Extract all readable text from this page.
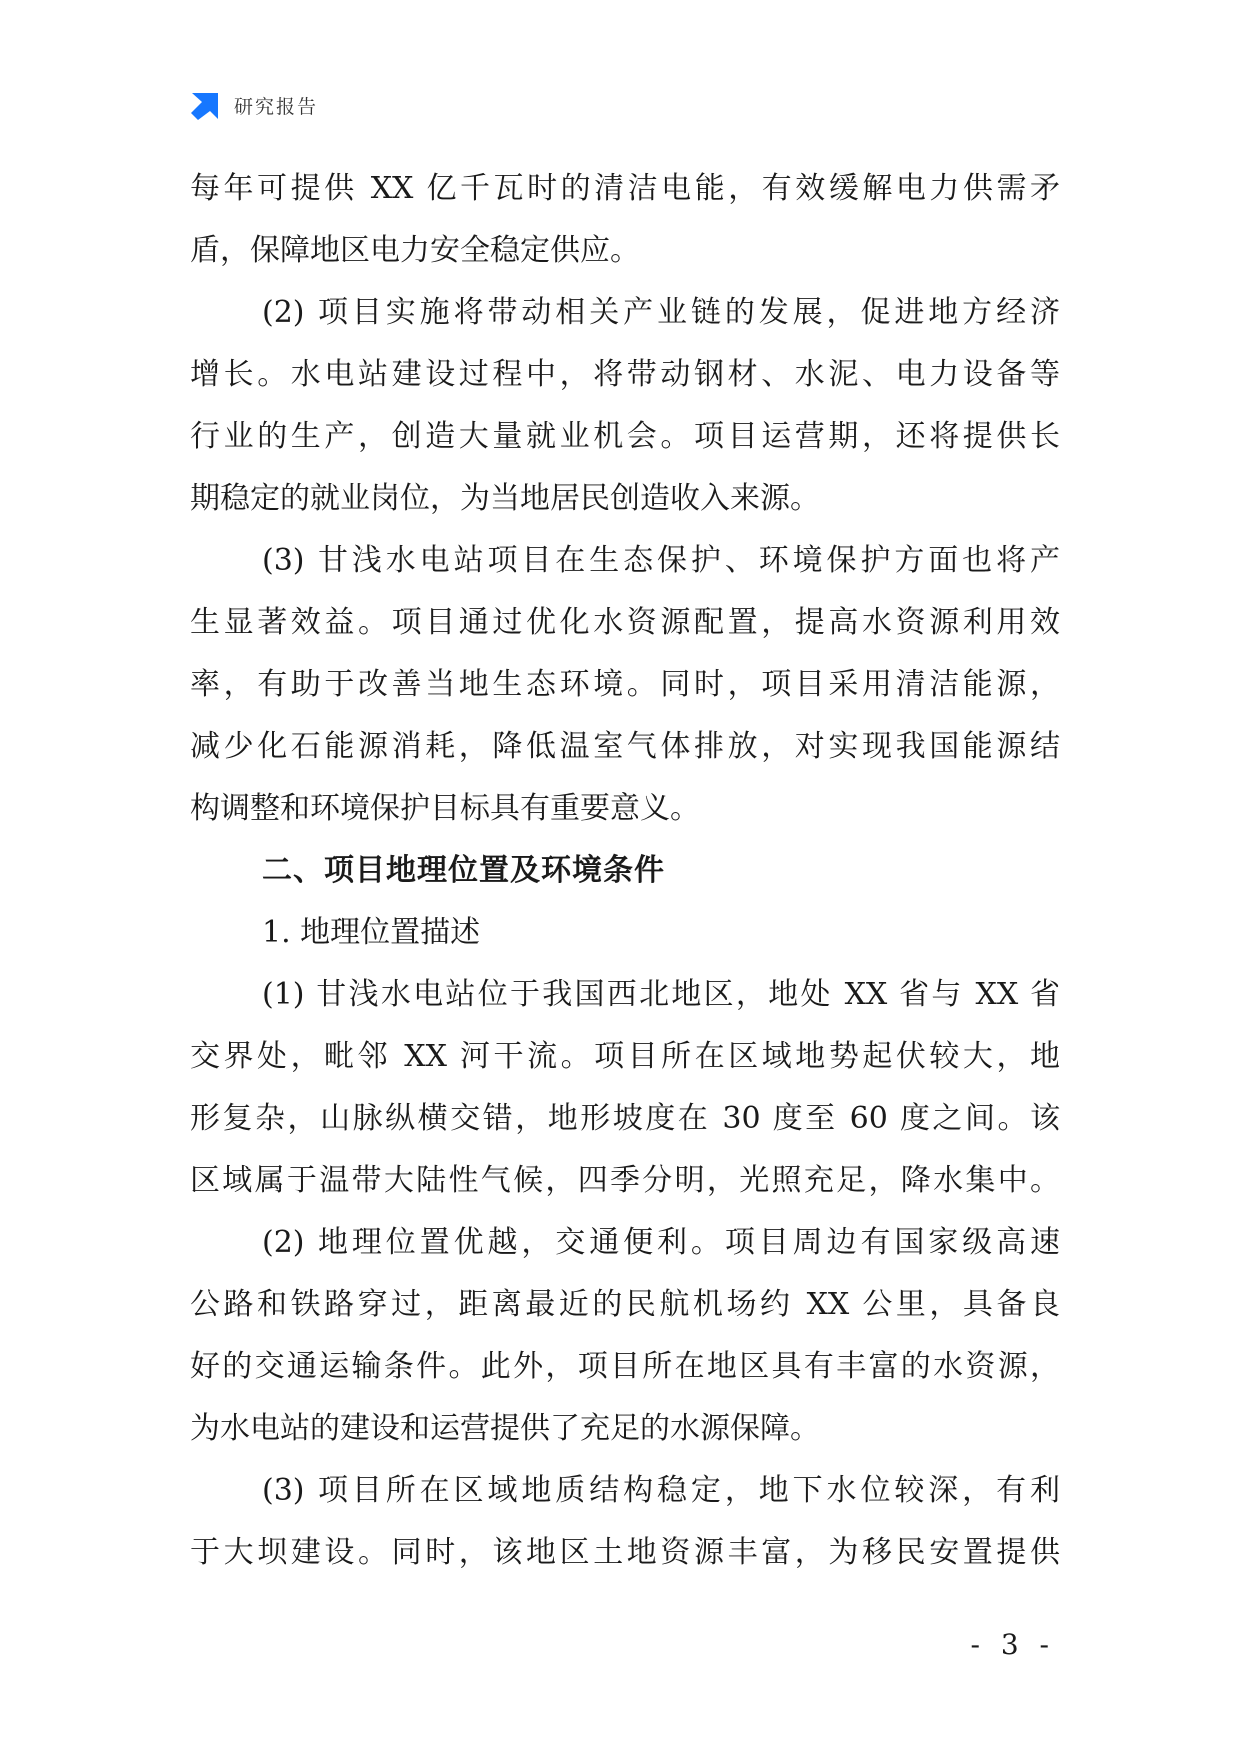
研究报告
每年可提供 XX 亿千瓦时的清洁电能，有效缓解电力供需矛
盾，保障地区电力安全稳定供应。
(2) 项目实施将带动相关产业链的发展，促进地方经济
增长。水电站建设过程中，将带动钢材、水泥、电力设备等
行业的生产，创造大量就业机会。项目运营期，还将提供长
期稳定的就业岗位，为当地居民创造收入来源。
(3) 甘浅水电站项目在生态保护、环境保护方面也将产
生显著效益。项目通过优化水资源配置，提高水资源利用效
率，有助于改善当地生态环境。同时，项目采用清洁能源，
减少化石能源消耗，降低温室气体排放，对实现我国能源结
构调整和环境保护目标具有重要意义。
二、项目地理位置及环境条件
1. 地理位置描述
(1) 甘浅水电站位于我国西北地区，地处 XX 省与 XX 省
交界处，毗邻 XX 河干流。项目所在区域地势起伏较大，地
形复杂，山脉纵横交错，地形坡度在 30 度至 60 度之间。该
区域属于温带大陆性气候，四季分明，光照充足，降水集中。
(2) 地理位置优越，交通便利。项目周边有国家级高速
公路和铁路穿过，距离最近的民航机场约 XX 公里，具备良
好的交通运输条件。此外，项目所在地区具有丰富的水资源，
为水电站的建设和运营提供了充足的水源保障。
(3) 项目所在区域地质结构稳定，地下水位较深，有利
于大坝建设。同时，该地区土地资源丰富，为移民安置提供
- 3 -
